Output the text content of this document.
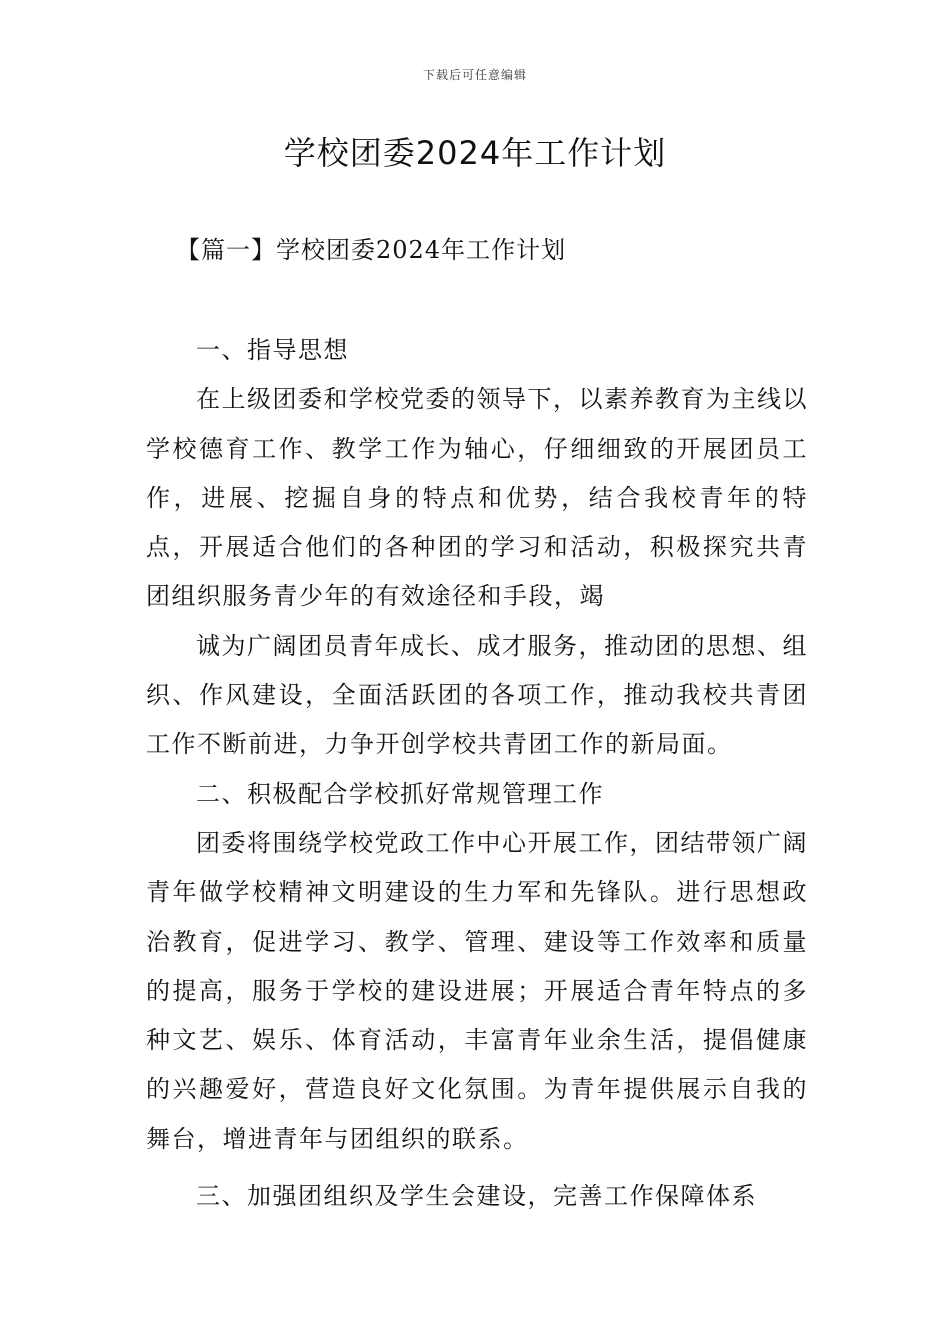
下载后可任意编辑
学校团委2024年工作计划
【篇一】学校团委2024年工作计划

一、指导思想

在上级团委和学校党委的领导下，以素养教育为主线以学校德育工作、教学工作为轴心，仔细细致的开展团员工作，进展、挖掘自身的特点和优势，结合我校青年的特点，开展适合他们的各种团的学习和活动，积极探究共青团组织服务青少年的有效途径和手段，竭

诚为广阔团员青年成长、成才服务，推动团的思想、组织、作风建设，全面活跃团的各项工作，推动我校共青团工作不断前进，力争开创学校共青团工作的新局面。

二、积极配合学校抓好常规管理工作

团委将围绕学校党政工作中心开展工作，团结带领广阔青年做学校精神文明建设的生力军和先锋队。进行思想政治教育，促进学习、教学、管理、建设等工作效率和质量的提高，服务于学校的建设进展；开展适合青年特点的多种文艺、娱乐、体育活动，丰富青年业余生活，提倡健康的兴趣爱好，营造良好文化氛围。为青年提供展示自我的舞台，增进青年与团组织的联系。

三、加强团组织及学生会建设，完善工作保障体系
